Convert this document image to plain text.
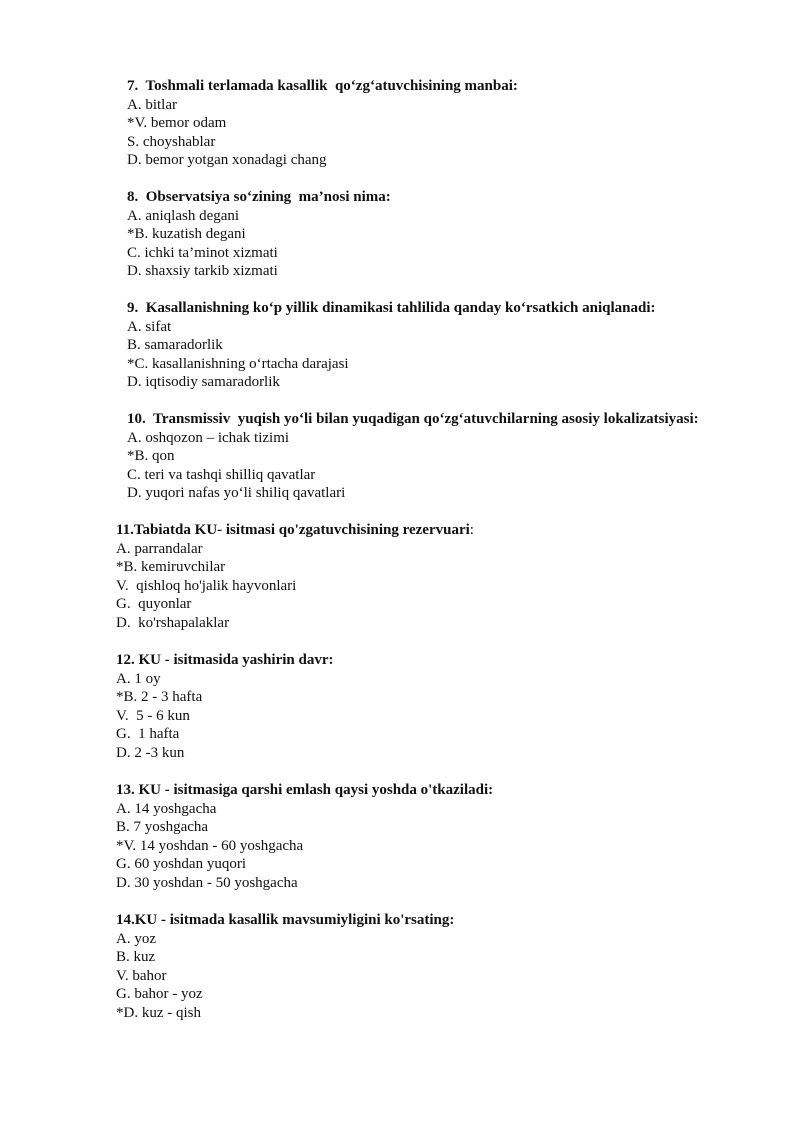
7.  Toshmali terlamada kasallik  qo‘zg‘atuvchisining manbai:
A. bitlar
*V. bemor odam
S. choyshablar
D. bemor yotgan xonadagi chang
8.  Observatsiya so‘zining  ma’nosi nima:
A. aniqlash degani
*B. kuzatish degani
C. ichki ta’minot xizmati
D. shaxsiy tarkib xizmati
9.  Kasallanishning ko‘p yillik dinamikasi tahlilida qanday ko‘rsatkich aniqlanadi:
A. sifat
B. samaradorlik
*C. kasallanishning o‘rtacha darajasi
D. iqtisodiy samaradorlik
10.  Transmissiv  yuqish yo‘li bilan yuqadigan qo‘zg‘atuvchilarning asosiy lokalizatsiyasi:
A. oshqozon – ichak tizimi
*B. qon
C. teri va tashqi shilliq qavatlar
D. yuqori nafas yo‘li shiliq qavatlari
11.Tabiatda KU- isitmasi qo'zgatuvchisining rezervuari:
A. parrandalar
*B. kemiruvchilar
V.  qishloq ho'jalik hayvonlari
G.  quyonlar
D.  ko'rshapalaklar
12. KU - isitmasida yashirin davr:
A. 1 oy
*B. 2 - 3 hafta
V.  5 - 6 kun
G.  1 hafta
D. 2 -3 kun
13. KU - isitmasiga qarshi emlash qaysi yoshda o'tkaziladi:
A. 14 yoshgacha
B. 7 yoshgacha
*V. 14 yoshdan - 60 yoshgacha
G. 60 yoshdan yuqori
D. 30 yoshdan - 50 yoshgacha
14.KU - isitmada kasallik mavsumiyligini ko'rsating:
A. yoz
B. kuz
V. bahor
G. bahor - yoz
*D. kuz - qish
